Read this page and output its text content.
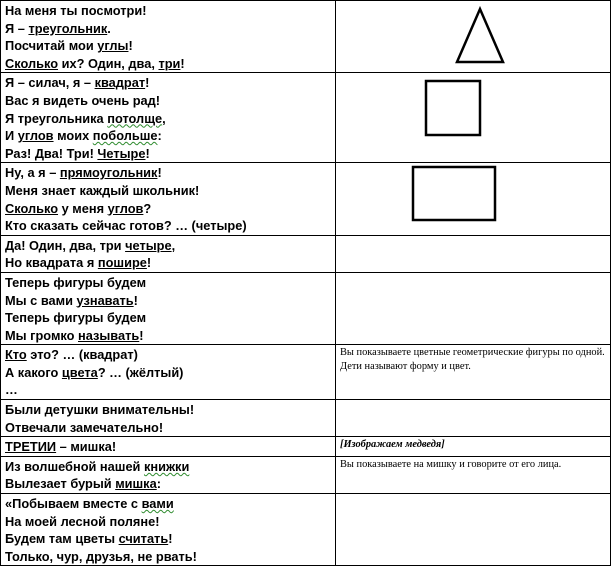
На меня ты посмотри!
Я – треугольник.
Посчитай мои углы!
Сколько их? Один, два, три!

Я – силач, я – квадрат!
Вас я видеть очень рад!
Я треугольника потолще,
И углов моих побольше:
Раз! Два! Три! Четыре!

Ну, а я – прямоугольник!
Меня знает каждый школьник!
Сколько у меня углов?
Кто сказать сейчас готов? … (четыре)

Да! Один, два, три четыре,
Но квадрата я пошире!	

Теперь фигуры будем
Мы с вами узнавать!
Теперь фигуры будем
Мы громко называть!	

Кто это? … (квадрат)
А какого цвета? … (жёлтый)
…	Вы показываете цветные геометрические фигуры по одной. Дети называют форму и цвет.

Были детушки внимательны!
Отвечали замечательно!	

ТРЕТИИ – мишка!	[Изображаем медведя]

Из волшебной нашей книжки
Вылезает бурый мишка:	Вы показываете на мишку и говорите от его лица.

«Побываем вместе с вами
На моей лесной поляне!
Будем там цветы считать!
Только, чур, друзья, не рвать!	
